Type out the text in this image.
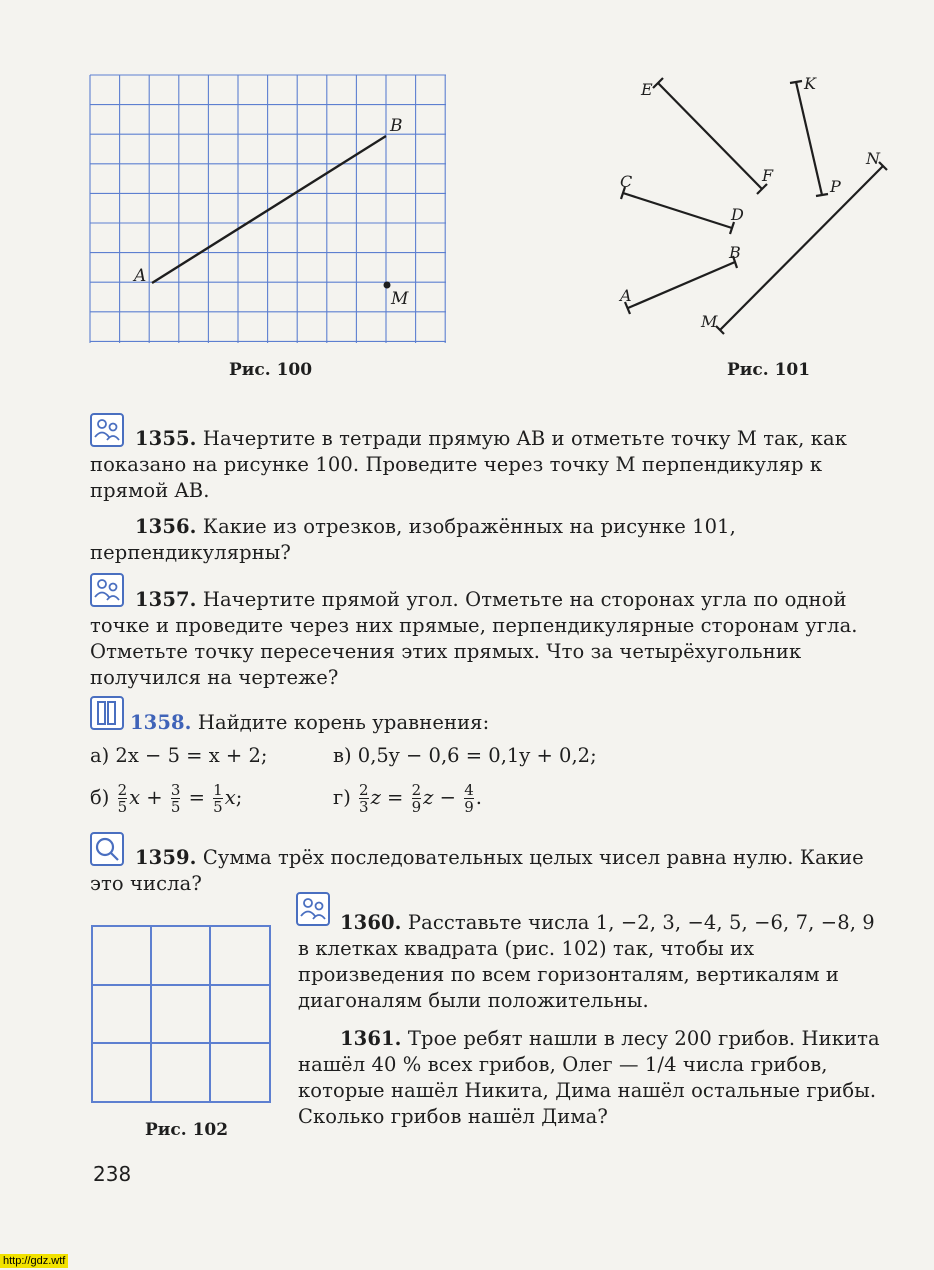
A
B
M
Рис. 100
E
F
K
P
C
D
N
A
B
M
Рис. 101
1355. Начертите в тетради прямую AB и отметьте точку M так, как показано на рисунке 100. Проведите через точку M перпендикуляр к прямой AB.
1356. Какие из отрезков, изображённых на рисунке 101, перпендикулярны?
1357. Начертите прямой угол. Отметьте на сторонах угла по одной точке и проведите через них прямые, перпендикулярные сторонам угла. Отметьте точку пересечения этих прямых. Что за четырёхугольник получился на чертеже?
1358. Найдите корень уравнения:
а) 2x − 5 = x + 2;	в) 0,5y − 0,6 = 0,1y + 0,2;
$б) \frac{2}{5}$ $x + \frac{3}{5} = \frac{1}{5} x$;	$г) \frac{2}{3}$ $z = \frac{2}{9}$ $z - \frac{4}{9}$ .
1359. Сумма трёх последовательных целых чисел равна нулю. Какие это числа?
Рис. 102
1360. Расставьте числа 1, −2, 3, −4, 5, −6, 7, −8, 9 в клетках квадрата (рис. 102) так, чтобы их произведения по всем горизонталям, вертикалям и диагоналям были положительны.
1361. Трое ребят нашли в лесу 200 грибов. Никита нашёл 40 % всех грибов, Олег — 1/4 числа грибов, которые нашёл Никита, Дима нашёл остальные грибы. Сколько грибов нашёл Дима?
238
http://gdz.wtf
